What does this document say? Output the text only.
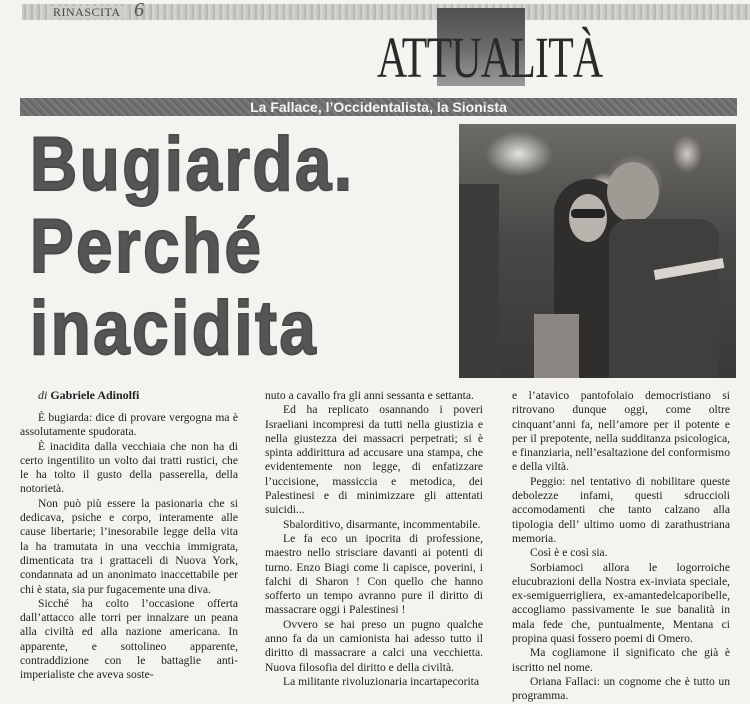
RINASCITA 6
ATTUALITÀ
La Fallace, l’Occidentalista, la Sionista
Bugiarda.
Perché
inacidita
di Gabriele Adinolfi

È bugiarda: dice di provare vergogna ma è assolutamente spudorata.

È inacidita dalla vecchiaia che non ha di certo ingentilito un volto dai tratti rustici, che le ha tolto il gusto della passerella, della notorietà.

Non può più essere la pasionaria che si dedicava, psiche e corpo, interamente alle cause libertarie; l’inesorabile legge della vita la ha tramutata in una vecchia immigrata, dimenticata tra i grattaceli di Nuova York, condannata ad un anonimato inaccettabile per chi è stata, sia pur fugacemente una diva.

Sicché ha colto l’occasione offerta dall’attacco alle torri per innalzare un peana alla civiltà ed alla nazione americana. In apparente, e sottolineo apparente, contraddizione con le battaglie anti-imperialiste che aveva soste-

nuto a cavallo fra gli anni sessanta e settanta.

Ed ha replicato osannando i poveri Israeliani incompresi da tutti nella giustizia e nella giustezza dei massacri perpetrati; si è spinta addirittura ad accusare una stampa, che evidentemente non legge, di enfatizzare l’uccisione, massiccia e metodica, dei Palestinesi e di minimizzare gli attentati suicidi...

Sbalorditivo, disarmante, incommentabile.

Le fa eco un ipocrita di professione, maestro nello strisciare davanti ai potenti di turno. Enzo Biagi come li capisce, poverini, i falchi di Sharon ! Con quello che hanno sofferto un tempo avranno pure il diritto di massacrare oggi i Palestinesi !

Ovvero se hai preso un pugno qualche anno fa da un camionista hai adesso tutto il diritto di massacrare a calci una vecchietta. Nuova filosofia del diritto e della civiltà.

La militante rivoluzionaria incartapecorita

e l’atavico pantofolaio democristiano si ritrovano dunque oggi, come oltre cinquant’anni fa, nell’amore per il potente e per il prepotente, nella sudditanza psicologica, e finanziaria, nell’esaltazione del conformismo e della viltà.

Peggio: nel tentativo di nobilitare queste debolezze infami, questi sdruccioli accomodamenti che tanto calzano alla tipologia dell’ ultimo uomo di zarathustriana memoria.

Così è e così sia.

Sorbiamoci allora le logorroiche elucubrazioni della Nostra ex-inviata speciale, ex-semiguerrigliera, ex-amantedelcaporibelle, accogliamo passivamente le sue banalità in mala fede che, puntualmente, Mentana ci propina quasi fossero poemi di Omero.

Ma cogliamone il significato che già è iscritto nel nome.

Oriana Fallaci: un cognome che è tutto un programma.
